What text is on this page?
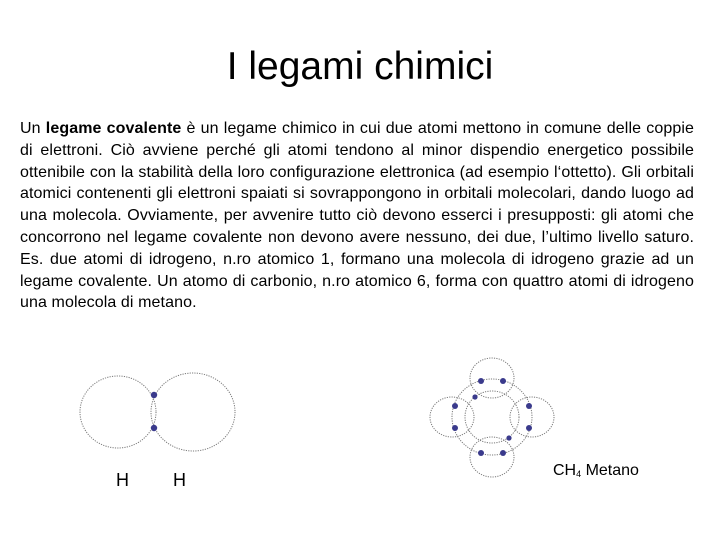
I legami chimici
Un legame covalente è un legame chimico in cui due atomi mettono in comune delle coppie di elettroni. Ciò avviene perché gli atomi tendono al minor dispendio energetico possibile ottenibile con la stabilità della loro configurazione elettronica (ad esempio l‘ottetto). Gli orbitali atomici contenenti gli elettroni spaiati si sovrappongono in orbitali molecolari, dando luogo ad una molecola. Ovviamente, per avvenire tutto ciò devono esserci i presupposti: gli atomi che concorrono nel legame covalente non devono avere nessuno, dei due, l’ultimo livello saturo. Es. due atomi di idrogeno, n.ro atomico 1, formano una molecola di idrogeno grazie ad un legame covalente. Un atomo di carbonio, n.ro atomico 6, forma con quattro atomi di idrogeno una molecola di metano.
H H	$CH_4$ Metano
